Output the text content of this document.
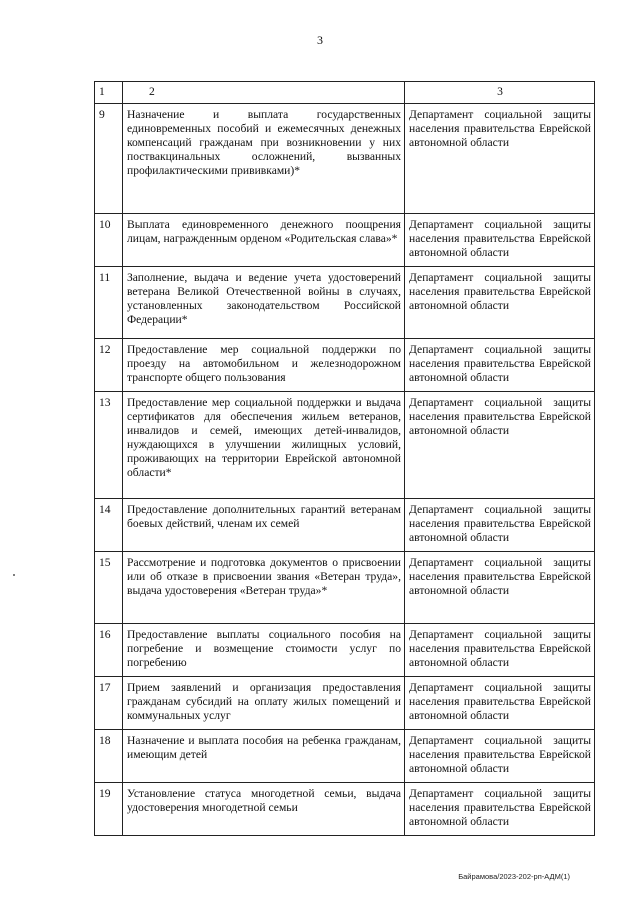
3
1	2	3
9	Назначение и выплата государственных единовременных пособий и ежемесячных денежных компенсаций гражданам при возникновении у них поствакцинальных осложнений, вызванных профилактическими прививками)*	Департамент социальной защиты населения правительства Еврейской автономной области
10	Выплата единовременного денежного поощрения лицам, награжденным орденом «Родительская слава»*	Департамент социальной защиты населения правительства Еврейской автономной области
11	Заполнение, выдача и ведение учета удостоверений ветерана Великой Отечественной войны в случаях, установленных законодательством Российской Федерации*	Департамент социальной защиты населения правительства Еврейской автономной области
12	Предоставление мер социальной поддержки по проезду на автомобильном и железнодорожном транспорте общего пользования	Департамент социальной защиты населения правительства Еврейской автономной области
13	Предоставление мер социальной поддержки и выдача сертификатов для обеспечения жильем ветеранов, инвалидов и семей, имеющих детей-инвалидов, нуждающихся в улучшении жилищных условий, проживающих на территории Еврейской автономной области*	Департамент социальной защиты населения правительства Еврейской автономной области
14	Предоставление дополнительных гарантий ветеранам боевых действий, членам их семей	Департамент социальной защиты населения правительства Еврейской автономной области
15	Рассмотрение и подготовка документов о присвоении или об отказе в присвоении звания «Ветеран труда», выдача удостоверения «Ветеран труда»*	Департамент социальной защиты населения правительства Еврейской автономной области
16	Предоставление выплаты социального пособия на погребение и возмещение стоимости услуг по погребению	Департамент социальной защиты населения правительства Еврейской автономной области
17	Прием заявлений и организация предоставления гражданам субсидий на оплату жилых помещений и коммунальных услуг	Департамент социальной защиты населения правительства Еврейской автономной области
18	Назначение и выплата пособия на ребенка гражданам, имеющим детей	Департамент социальной защиты населения правительства Еврейской автономной области
19	Установление статуса многодетной семьи, выдача удостоверения многодетной семьи	Департамент социальной защиты населения правительства Еврейской автономной области
Байрамова/2023-202-рп-АДМ(1)
